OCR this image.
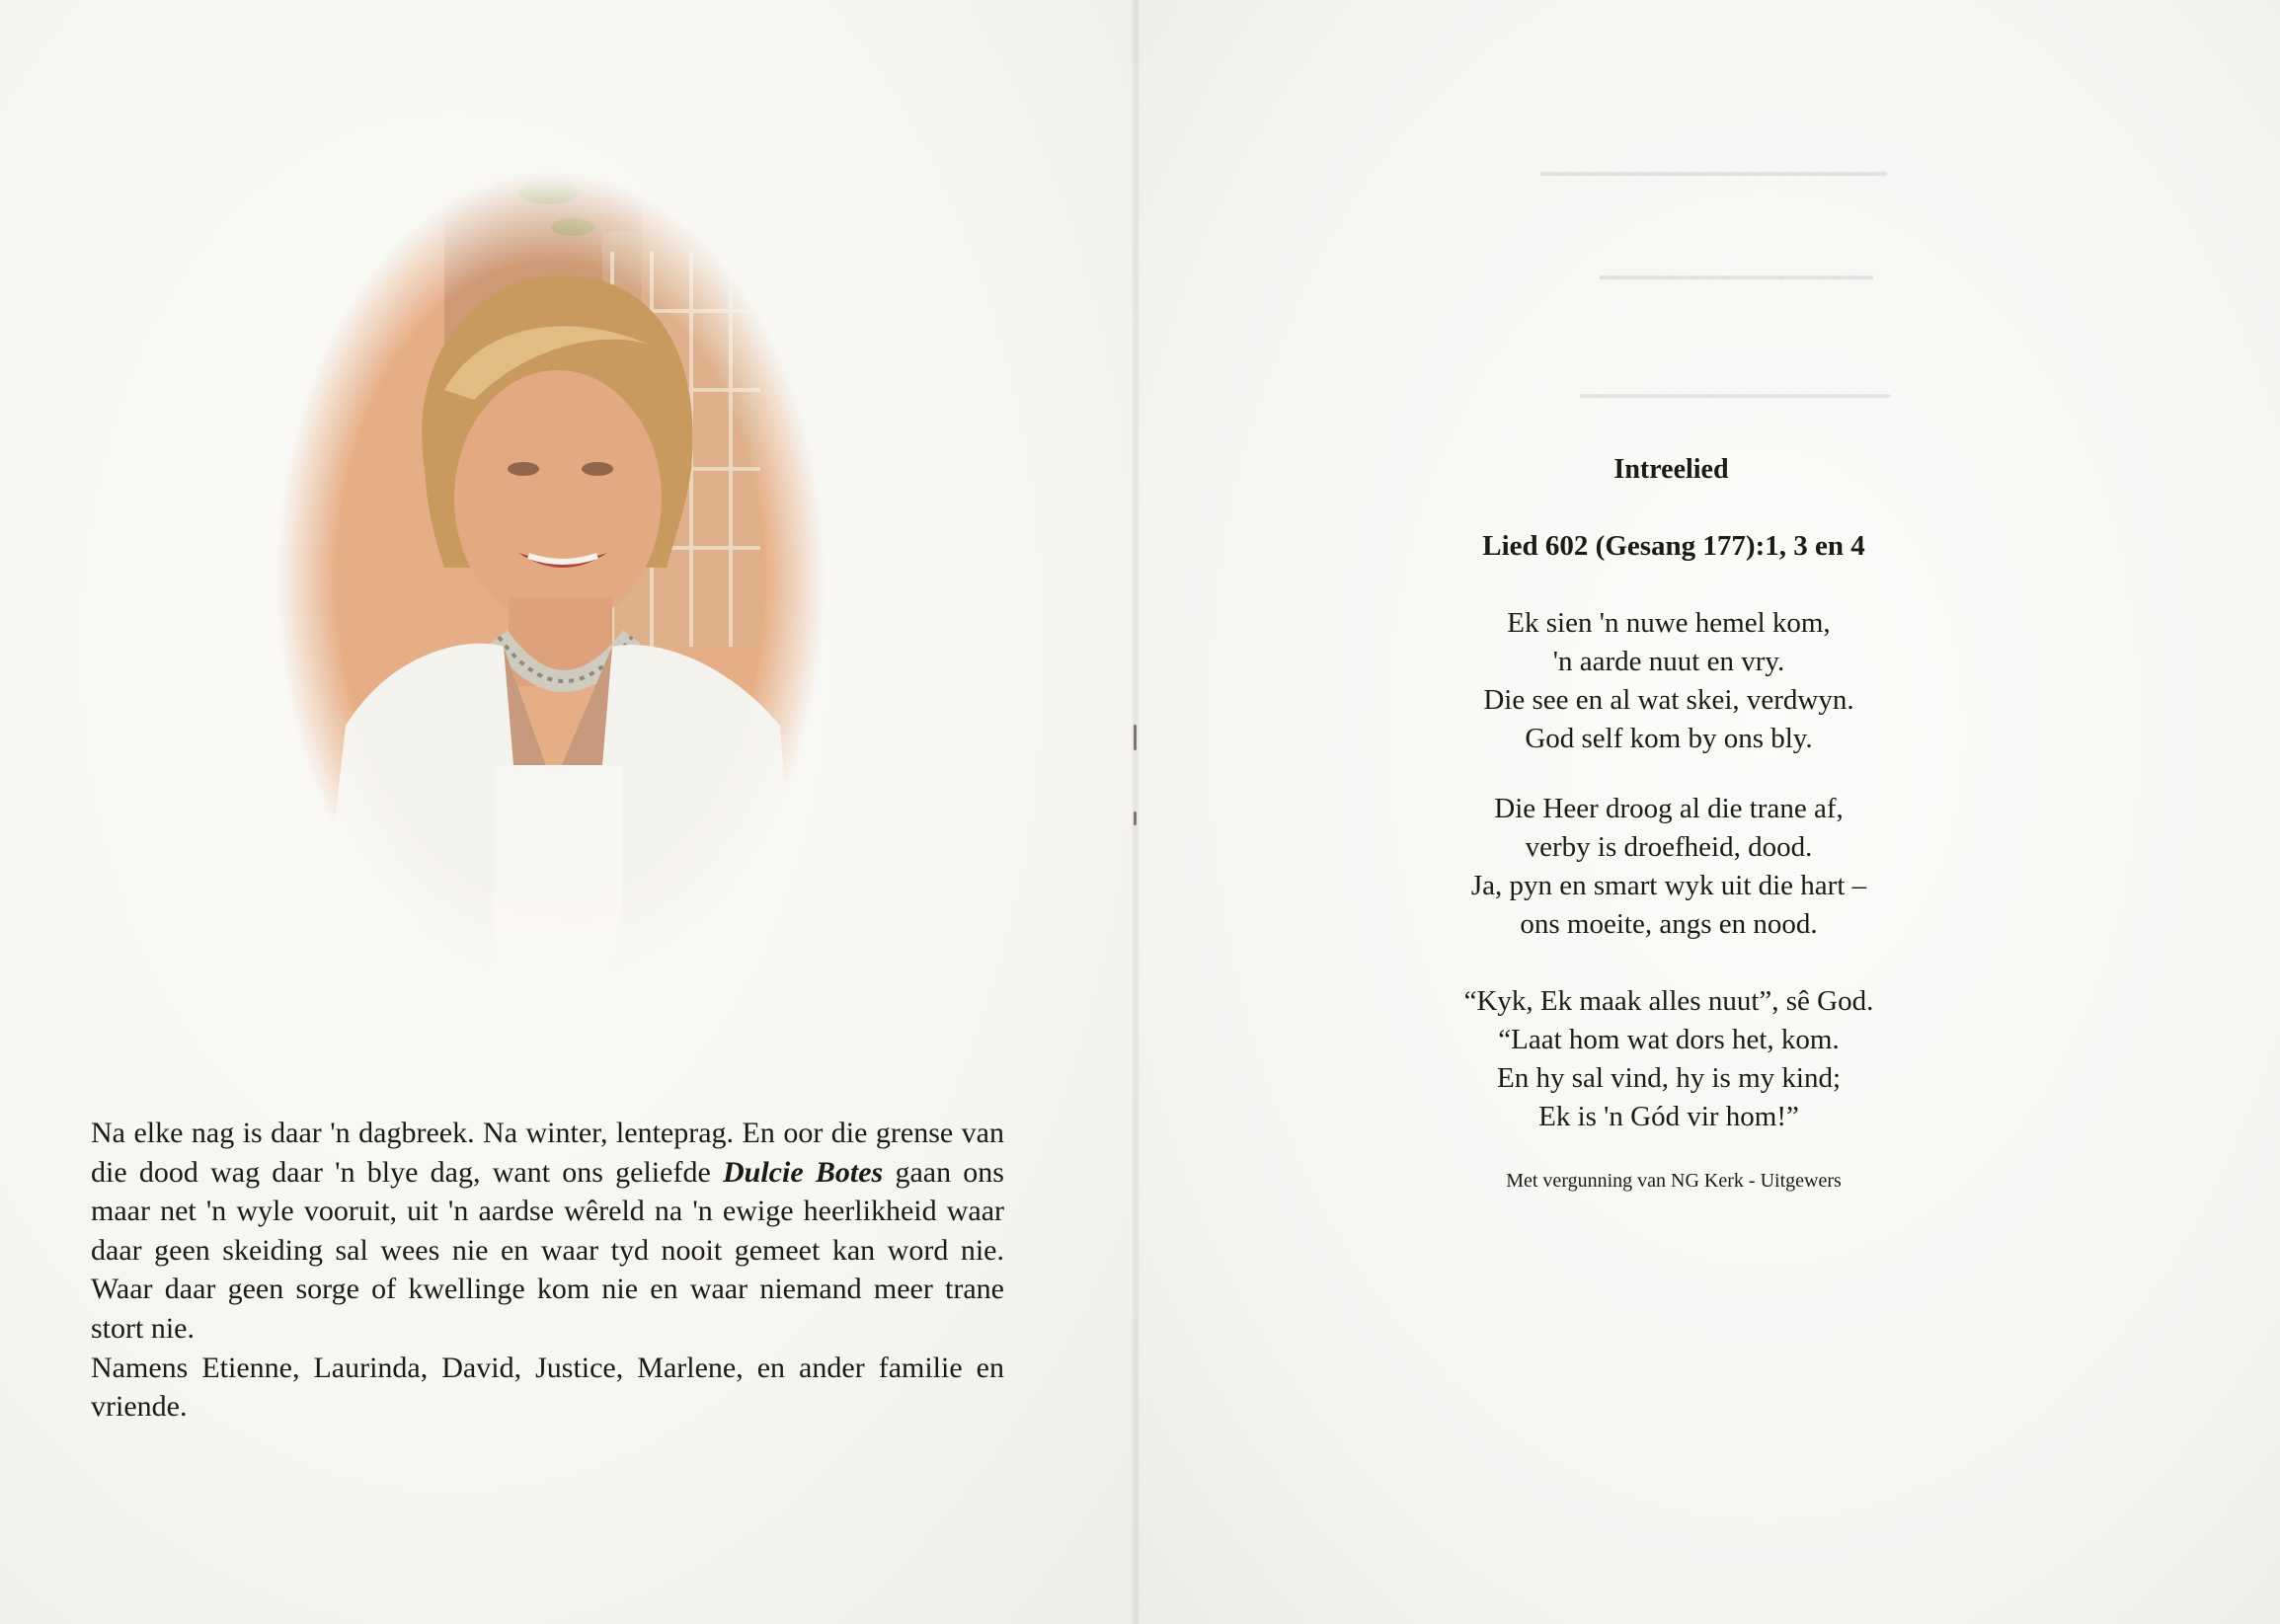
▁▁▁▁▁▁▁▁▁▁▁▁▁▁▁▁▁▁▁
▁▁▁▁▁▁▁▁▁▁▁▁▁▁▁
▁▁▁▁▁▁▁▁▁▁▁▁▁▁▁▁▁
Na elke nag is daar 'n dagbreek. Na winter, lenteprag. En oor die grense van die dood wag daar 'n blye dag, want ons geliefde Dulcie Botes gaan ons maar net 'n wyle vooruit, uit 'n aardse wêreld na 'n ewige heerlikheid waar daar geen skeiding sal wees nie en waar tyd nooit gemeet kan word nie. Waar daar geen sorge of kwellinge kom nie en waar niemand meer trane stort nie.
Namens Etienne, Laurinda, David, Justice, Marlene, en ander familie en vriende.
Intreelied
Lied 602 (Gesang 177):1, 3 en 4
Ek sien 'n nuwe hemel kom,
'n aarde nuut en vry.
Die see en al wat skei, verdwyn.
God self kom by ons bly.
Die Heer droog al die trane af,
verby is droefheid, dood.
Ja, pyn en smart wyk uit die hart –
ons moeite, angs en nood.
“Kyk, Ek maak alles nuut”, sê God.
“Laat hom wat dors het, kom.
En hy sal vind, hy is my kind;
Ek is 'n Gód vir hom!”
Met vergunning van NG Kerk - Uitgewers
